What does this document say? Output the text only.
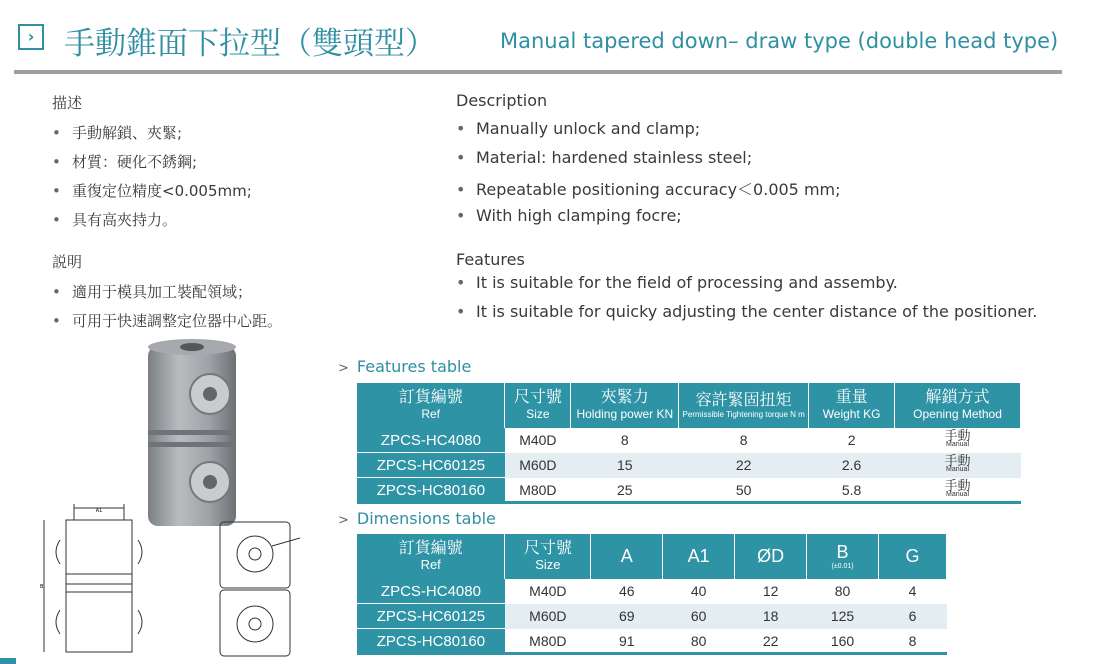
› 手動錐面下拉型（雙頭型）	Manual tapered down– draw type (double head type)
描述
• 手動解鎖、夾緊;
• 材質：硬化不銹鋼;
• 重復定位精度<0.005mm;
• 具有高夾持力。
説明
• 適用于模具加工裝配領域；
• 可用于快速調整定位器中心距。
Description
• Manually unlock and clamp;
• Material: hardened stainless steel;
• Repeatable positioning accuracy＜0.005 mm;
• With high clamping focre;
Features
• It is suitable for the field of processing and assemby.
• It is suitable for quicky adjusting the center distance of the positioner.
A1
B
> Features table
訂貨編號
Ref	尺寸號
Size	夾緊力
Holding power KN	容許緊固扭矩
Permissible Tightening torque N m	重量
Weight KG	解鎖方式
Opening Method

ZPCS-HC4080	M40D	8	8	2	手動
Manual

ZPCS-HC60125	M60D	15	22	2.6	手動
Manual

ZPCS-HC80160	M80D	25	50	5.8	手動
Manual
> Dimensions table
訂貨編號
Ref	尺寸號
Size	A	A1	ØD	B
(±0.01)	G
ZPCS-HC4080	M40D	46	40	12	80	4
ZPCS-HC60125	M60D	69	60	18	125	6
ZPCS-HC80160	M80D	91	80	22	160	8
